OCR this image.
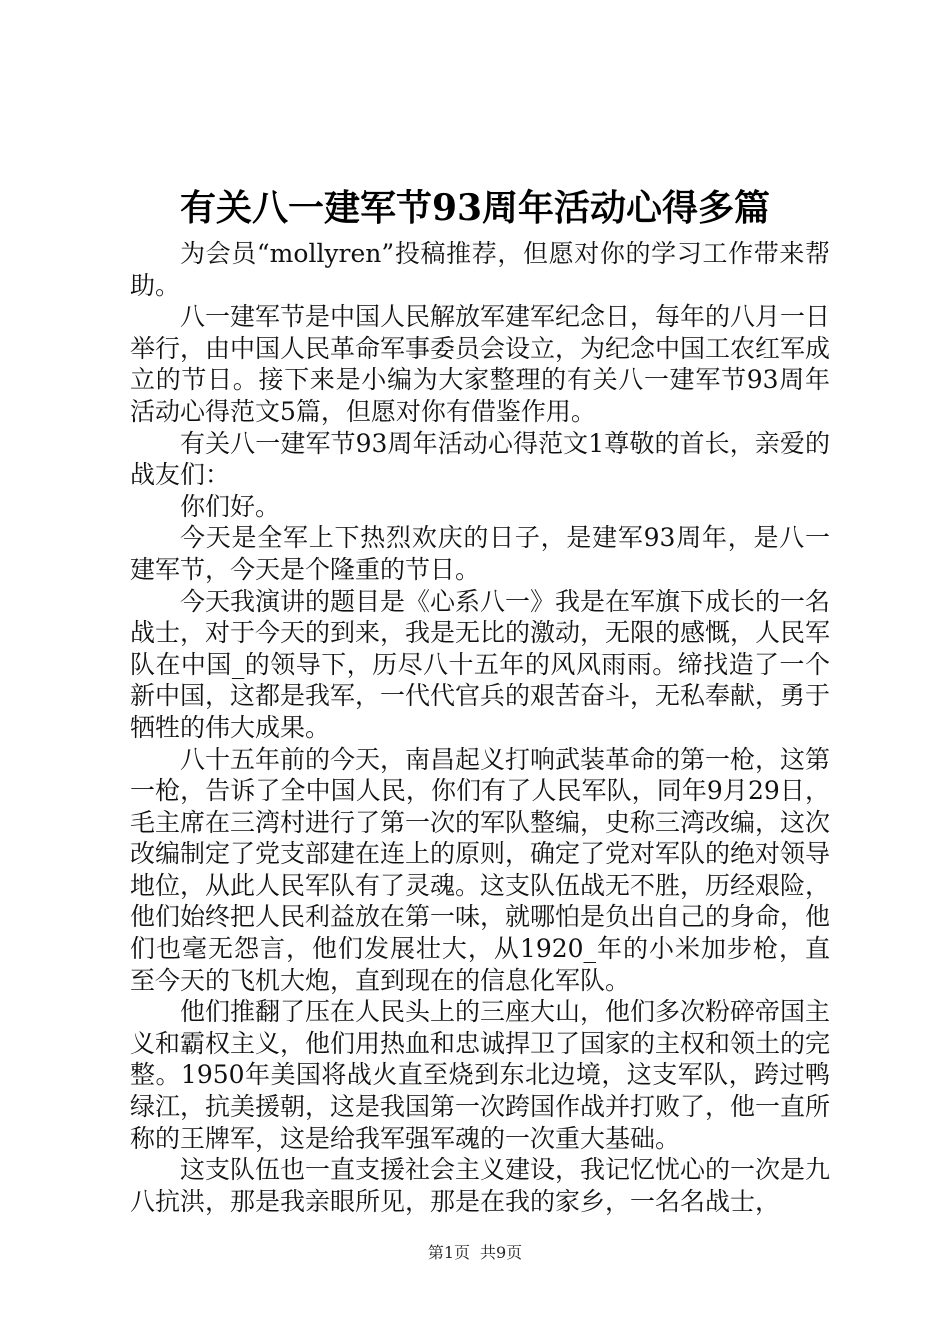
有关八一建军节93周年活动心得多篇

为会员“mollyren”投稿推荐，但愿对你的学习工作带来帮助。

八一建军节是中国人民解放军建军纪念日，每年的八月一日举行，由中国人民革命军事委员会设立，为纪念中国工农红军成立的节日。接下来是小编为大家整理的有关八一建军节93周年活动心得范文5篇，但愿对你有借鉴作用。

有关八一建军节93周年活动心得范文1尊敬的首长，亲爱的战友们：

你们好。

今天是全军上下热烈欢庆的日子，是建军93周年，是八一建军节，今天是个隆重的节日。

今天我演讲的题目是《心系八一》我是在军旗下成长的一名战士，对于今天的到来，我是无比的激动，无限的感慨，人民军队在中国_的领导下，历尽八十五年的风风雨雨。缔找造了一个新中国，这都是我军，一代代官兵的艰苦奋斗，无私奉献，勇于牺牲的伟大成果。

八十五年前的今天，南昌起义打响武装革命的第一枪，这第一枪，告诉了全中国人民，你们有了人民军队，同年9月29日，毛主席在三湾村进行了第一次的军队整编，史称三湾改编，这次改编制定了党支部建在连上的原则，确定了党对军队的绝对领导地位，从此人民军队有了灵魂。这支队伍战无不胜，历经艰险，他们始终把人民利益放在第一味，就哪怕是负出自己的身命，他们也毫无怨言，他们发展壮大，从1920_年的小米加步枪，直至今天的飞机大炮，直到现在的信息化军队。

他们推翻了压在人民头上的三座大山，他们多次粉碎帝国主义和霸权主义，他们用热血和忠诚捍卫了国家的主权和领土的完整。1950年美国将战火直至烧到东北边境，这支军队，跨过鸭绿江，抗美援朝，这是我国第一次跨国作战并打败了，他一直所称的王牌军，这是给我军强军魂的一次重大基础。

这支队伍也一直支援社会主义建设，我记忆忧心的一次是九八抗洪，那是我亲眼所见，那是在我的家乡，一名名战士，

第1页 共9页
